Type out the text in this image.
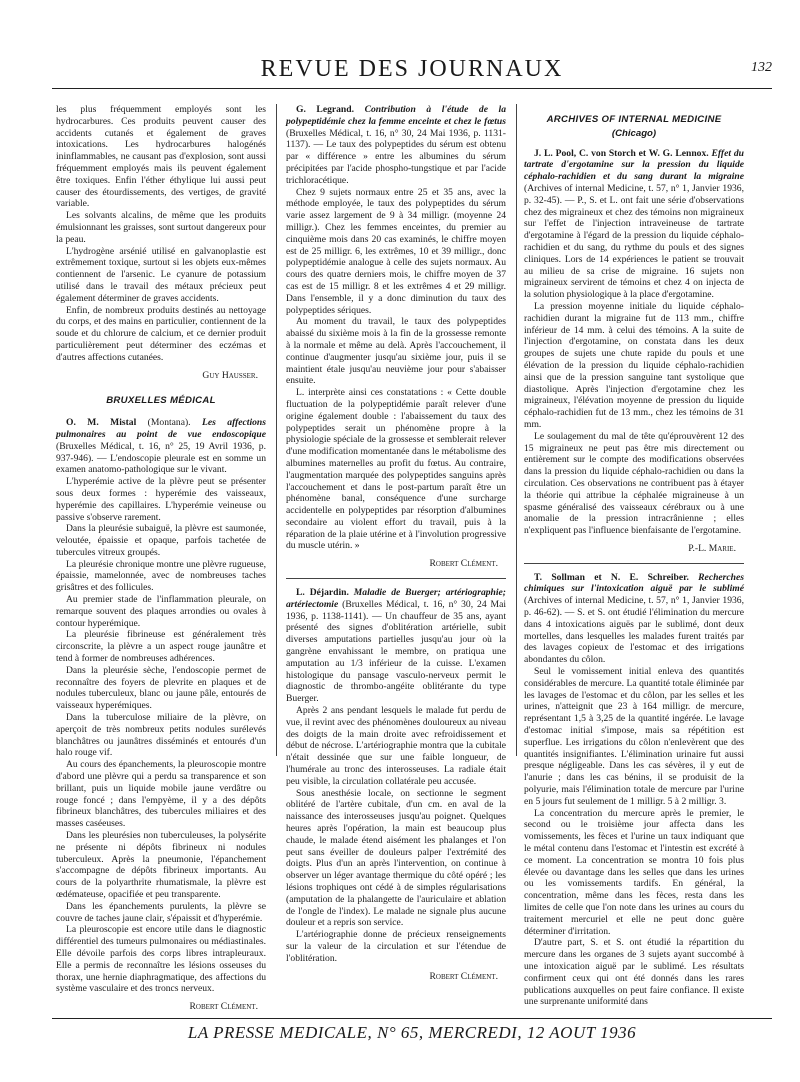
REVUE DES JOURNAUX	132

les plus fréquemment employés sont les hydrocarbures. Ces produits peuvent causer des accidents cutanés et également de graves intoxications. Les hydrocarbures halogénés ininflammables, ne causant pas d'explosion, sont aussi fréquemment employés mais ils peuvent également être toxiques. Enfin l'éther éthylique lui aussi peut causer des étourdissements, des vertiges, de gravité variable.

Les solvants alcalins, de même que les produits émulsionnant les graisses, sont surtout dangereux pour la peau.

L'hydrogène arsénié utilisé en galvanoplastie est extrêmement toxique, surtout si les objets eux-mêmes contiennent de l'arsenic. Le cyanure de potassium utilisé dans le travail des métaux précieux peut également déterminer de graves accidents.

Enfin, de nombreux produits destinés au nettoyage du corps, et des mains en particulier, contiennent de la soude et du chlorure de calcium, et ce dernier produit particulièrement peut déterminer des eczémas et d'autres affections cutanées.

Guy Hausser.
BRUXELLES MÉDICAL

O. M. Mistal (Montana). Les affections pulmonaires au point de vue endoscopique (Bruxelles Médical, t. 16, n° 25, 19 Avril 1936, p. 937-946). — L'endoscopie pleurale est en somme un examen anatomo-pathologique sur le vivant.

L'hyperémie active de la plèvre peut se présenter sous deux formes : hyperémie des vaisseaux, hyperémie des capillaires. L'hyperémie veineuse ou passive s'observe rarement.

Dans la pleurésie subaiguë, la plèvre est saumonée, veloutée, épaissie et opaque, parfois tachetée de tubercules vitreux groupés.

La pleurésie chronique montre une plèvre rugueuse, épaissie, mamelonnée, avec de nombreuses taches grisâtres et des follicules.

Au premier stade de l'inflammation pleurale, on remarque souvent des plaques arrondies ou ovales à contour hyperémique.

La pleurésie fibrineuse est généralement très circonscrite, la plèvre a un aspect rouge jaunâtre et tend à former de nombreuses adhérences.

Dans la pleurésie sèche, l'endoscopie permet de reconnaître des foyers de plevrite en plaques et de nodules tuberculeux, blanc ou jaune pâle, entourés de vaisseaux hyperémiques.

Dans la tuberculose miliaire de la plèvre, on aperçoit de très nombreux petits nodules surélevés blanchâtres ou jaunâtres disséminés et entourés d'un halo rouge vif.

Au cours des épanchements, la pleuroscopie montre d'abord une plèvre qui a perdu sa transparence et son brillant, puis un liquide mobile jaune verdâtre ou rouge foncé ; dans l'empyème, il y a des dépôts fibrineux blanchâtres, des tubercules miliaires et des masses caséeuses.

Dans les pleurésies non tuberculeuses, la polysérite ne présente ni dépôts fibrineux ni nodules tuberculeux. Après la pneumonie, l'épanchement s'accompagne de dépôts fibrineux importants. Au cours de la polyarthrite rhumatismale, la plèvre est œdémateuse, opacifiée et peu transparente.

Dans les épanchements purulents, la plèvre se couvre de taches jaune clair, s'épaissit et d'hyperémie.

La pleuroscopie est encore utile dans le diagnostic différentiel des tumeurs pulmonaires ou médiastinales. Elle dévoile parfois des corps libres intrapleuraux. Elle a permis de reconnaître les lésions osseuses du thorax, une hernie diaphragmatique, des affections du système vasculaire et des troncs nerveux.

Robert Clément.

G. Legrand. Contribution à l'étude de la polypeptidémie chez la femme enceinte et chez le fœtus (Bruxelles Médical, t. 16, n° 30, 24 Mai 1936, p. 1131-1137). — Le taux des polypeptides du sérum est obtenu par « différence » entre les albumines du sérum précipitées par l'acide phospho-tungstique et par l'acide trichloracétique.

Chez 9 sujets normaux entre 25 et 35 ans, avec la méthode employée, le taux des polypeptides du sérum varie assez largement de 9 à 34 milligr. (moyenne 24 milligr.). Chez les femmes enceintes, du premier au cinquième mois dans 20 cas examinés, le chiffre moyen est de 25 milligr. 6, les extrêmes, 10 et 39 milligr., donc polypeptidémie analogue à celle des sujets normaux. Au cours des quatre derniers mois, le chiffre moyen de 37 cas est de 15 milligr. 8 et les extrêmes 4 et 29 milligr. Dans l'ensemble, il y a donc diminution du taux des polypeptides sériques.

Au moment du travail, le taux des polypeptides abaissé du sixième mois à la fin de la grossesse remonte à la normale et même au delà. Après l'accouchement, il continue d'augmenter jusqu'au sixième jour, puis il se maintient étale jusqu'au neuvième jour pour s'abaisser ensuite.

L. interprète ainsi ces constatations : « Cette double fluctuation de la polypeptidémie paraît relever d'une origine également double : l'abaissement du taux des polypeptides serait un phénomène propre à la physiologie spéciale de la grossesse et semblerait relever d'une modification momentanée dans le métabolisme des albumines maternelles au profit du fœtus. Au contraire, l'augmentation marquée des polypeptides sanguins après l'accouchement et dans le post-partum paraît être un phénomène banal, conséquence d'une surcharge accidentelle en polypeptides par résorption d'albumines secondaire au violent effort du travail, puis à la réparation de la plaie utérine et à l'involution progressive du muscle utérin. »

Robert Clément.

L. Déjardin. Maladie de Buerger; artériographie; artériectomie (Bruxelles Médical, t. 16, n° 30, 24 Mai 1936, p. 1138-1141). — Un chauffeur de 35 ans, ayant présenté des signes d'oblitération artérielle, subit diverses amputations partielles jusqu'au jour où la gangrène envahissant le membre, on pratiqua une amputation au 1/3 inférieur de la cuisse. L'examen histologique du pansage vasculo-nerveux permit le diagnostic de thrombo-angéite oblitérante du type Buerger.

Après 2 ans pendant lesquels le malade fut perdu de vue, il revint avec des phénomènes douloureux au niveau des doigts de la main droite avec refroidissement et début de nécrose. L'artériographie montra que la cubitale n'était dessinée que sur une faible longueur, de l'humérale au tronc des interosseuses. La radiale était peu visible, la circulation collatérale peu accusée.

Sous anesthésie locale, on sectionne le segment oblitéré de l'artère cubitale, d'un cm. en aval de la naissance des interosseuses jusqu'au poignet. Quelques heures après l'opération, la main est beaucoup plus chaude, le malade étend aisément les phalanges et l'on peut sans éveiller de douleurs palper l'extrémité des doigts. Plus d'un an après l'intervention, on continue à observer un léger avantage thermique du côté opéré ; les lésions trophiques ont cédé à de simples régularisations (amputation de la phalangette de l'auriculaire et ablation de l'ongle de l'index). Le malade ne signale plus aucune douleur et a repris son service.

L'artériographie donne de précieux renseignements sur la valeur de la circulation et sur l'étendue de l'oblitération.

Robert Clément.
ARCHIVES OF INTERNAL MEDICINE
(Chicago)

J. L. Pool, C. von Storch et W. G. Lennox. Effet du tartrate d'ergotamine sur la pression du liquide céphalo-rachidien et du sang durant la migraine (Archives of internal Medicine, t. 57, n° 1, Janvier 1936, p. 32-45). — P., S. et L. ont fait une série d'observations chez des migraineux et chez des témoins non migraineux sur l'effet de l'injection intraveineuse de tartrate d'ergotamine à l'égard de la pression du liquide céphalo-rachidien et du sang, du rythme du pouls et des signes cliniques. Lors de 14 expériences le patient se trouvait au milieu de sa crise de migraine. 16 sujets non migraineux servirent de témoins et chez 4 on injecta de la solution physiologique à la place d'ergotamine.

La pression moyenne initiale du liquide céphalo-rachidien durant la migraine fut de 113 mm., chiffre inférieur de 14 mm. à celui des témoins. A la suite de l'injection d'ergotamine, on constata dans les deux groupes de sujets une chute rapide du pouls et une élévation de la pression du liquide céphalo-rachidien ainsi que de la pression sanguine tant systolique que diastolique. Après l'injection d'ergotamine chez les migraineux, l'élévation moyenne de pression du liquide céphalo-rachidien fut de 13 mm., chez les témoins de 31 mm.

Le soulagement du mal de tête qu'éprouvèrent 12 des 15 migraineux ne peut pas être mis directement ou entièrement sur le compte des modifications observées dans la pression du liquide céphalo-rachidien ou dans la circulation. Ces observations ne contribuent pas à étayer la théorie qui attribue la céphalée migraineuse à un spasme généralisé des vaisseaux cérébraux ou à une anomalie de la pression intracrânienne ; elles n'expliquent pas l'influence bienfaisante de l'ergotamine.

P.-L. Marie.

T. Sollman et N. E. Schreiber. Recherches chimiques sur l'intoxication aiguë par le sublimé (Archives of internal Medicine, t. 57, n° 1, Janvier 1936, p. 46-62). — S. et S. ont étudié l'élimination du mercure dans 4 intoxications aiguës par le sublimé, dont deux mortelles, dans lesquelles les malades furent traités par des lavages copieux de l'estomac et des irrigations abondantes du côlon.

Seul le vomissement initial enleva des quantités considérables de mercure. La quantité totale éliminée par les lavages de l'estomac et du côlon, par les selles et les urines, n'atteignit que 23 à 164 milligr. de mercure, représentant 1,5 à 3,25 de la quantité ingérée. Le lavage d'estomac initial s'impose, mais sa répétition est superflue. Les irrigations du côlon n'enlevèrent que des quantités insignifiantes. L'élimination urinaire fut aussi presque négligeable. Dans les cas sévères, il y eut de l'anurie ; dans les cas bénins, il se produisit de la polyurie, mais l'élimination totale de mercure par l'urine en 5 jours fut seulement de 1 milligr. 5 à 2 milligr. 3.

La concentration du mercure après le premier, le second ou le troisième jour affecta dans les vomissements, les fèces et l'urine un taux indiquant que le métal contenu dans l'estomac et l'intestin est excrété à ce moment. La concentration se montra 10 fois plus élevée ou davantage dans les selles que dans les urines ou les vomissements tardifs. En général, la concentration, même dans les fèces, resta dans les limites de celle que l'on note dans les urines au cours du traitement mercuriel et elle ne peut donc guère déterminer d'irritation.

D'autre part, S. et S. ont étudié la répartition du mercure dans les organes de 3 sujets ayant succombé à une intoxication aiguë par le sublimé. Les résultats confirment ceux qui ont été donnés dans les rares publications auxquelles on peut faire confiance. Il existe une surprenante uniformité dans

LA PRESSE MEDICALE, N° 65, MERCREDI, 12 AOUT 1936
